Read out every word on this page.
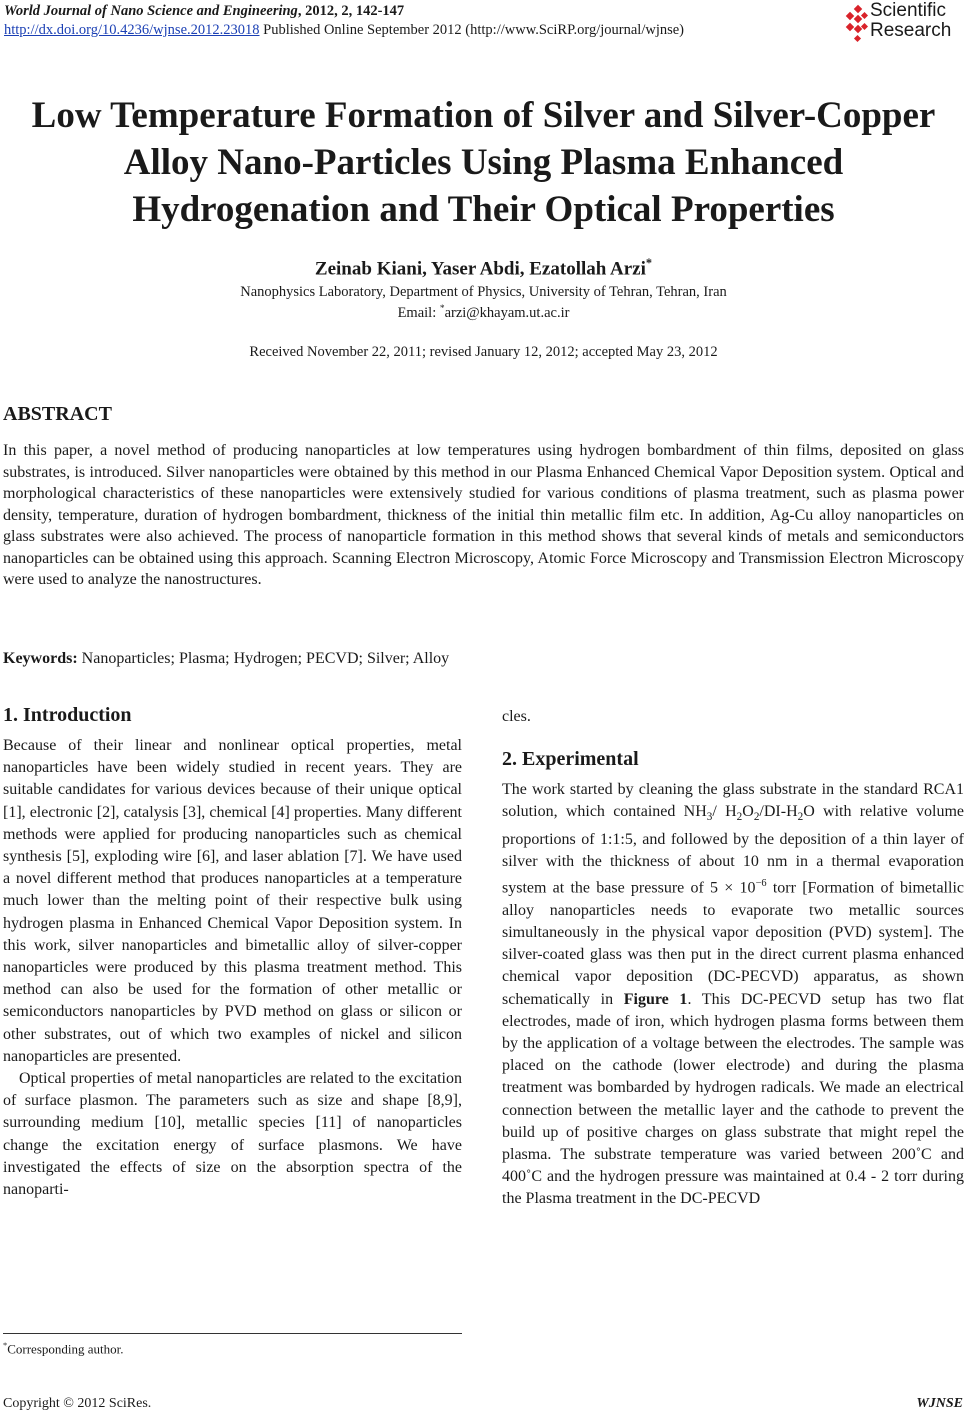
World Journal of Nano Science and Engineering, 2012, 2, 142-147
http://dx.doi.org/10.4236/wjnse.2012.23018 Published Online September 2012 (http://www.SciRP.org/journal/wjnse)
Scientific
Research
Low Temperature Formation of Silver and Silver-Copper
Alloy Nano-Particles Using Plasma Enhanced
Hydrogenation and Their Optical Properties
Zeinab Kiani, Yaser Abdi, Ezatollah Arzi*
Nanophysics Laboratory, Department of Physics, University of Tehran, Tehran, Iran
Email: *arzi@khayam.ut.ac.ir
Received November 22, 2011; revised January 12, 2012; accepted May 23, 2012
ABSTRACT
In this paper, a novel method of producing nanoparticles at low temperatures using hydrogen bombardment of thin films, deposited on glass substrates, is introduced. Silver nanoparticles were obtained by this method in our Plasma Enhanced Chemical Vapor Deposition system. Optical and morphological characteristics of these nanoparticles were extensively studied for various conditions of plasma treatment, such as plasma power density, temperature, duration of hydrogen bombardment, thickness of the initial thin metallic film etc. In addition, Ag-Cu alloy nanoparticles on glass substrates were also achieved. The process of nanoparticle formation in this method shows that several kinds of metals and semiconductors nanoparticles can be obtained using this approach. Scanning Electron Microscopy, Atomic Force Microscopy and Transmission Electron Microscopy were used to analyze the nanostructures.
Keywords: Nanoparticles; Plasma; Hydrogen; PECVD; Silver; Alloy
1. Introduction

Because of their linear and nonlinear optical properties, metal nanoparticles have been widely studied in recent years. They are suitable candidates for various devices because of their unique optical [1], electronic [2], catalysis [3], chemical [4] properties. Many different methods were applied for producing nanoparticles such as chemical synthesis [5], exploding wire [6], and laser ablation [7]. We have used a novel different method that produces nanoparticles at a temperature much lower than the melting point of their respective bulk using hydrogen plasma in Enhanced Chemical Vapor Deposition system. In this work, silver nanoparticles and bimetallic alloy of silver-copper nanoparticles were produced by this plasma treatment method. This method can also be used for the formation of other metallic or semiconductors nanoparticles by PVD method on glass or silicon or other substrates, out of which two examples of nickel and silicon nanoparticles are presented.

Optical properties of metal nanoparticles are related to the excitation of surface plasmon. The parameters such as size and shape [8,9], surrounding medium [10], metallic species [11] of nanoparticles change the excitation energy of surface plasmons. We have investigated the effects of size on the absorption spectra of the nanoparti-

cles.

2. Experimental

The work started by cleaning the glass substrate in the standard RCA1 solution, which contained $NH_3/$ $H_2O_2/DI-H_2O$ with relative volume proportions of 1:1:5, and followed by the deposition of a thin layer of silver with the thickness of about 10 nm in a thermal evaporation system at the base pressure of $5 \times 10^{-6}$ torr [Formation of bimetallic alloy nanoparticles needs to evaporate two metallic sources simultaneously in the physical vapor deposition (PVD) system]. The silver-coated glass was then put in the direct current plasma enhanced chemical vapor deposition (DC-PECVD) apparatus, as shown schematically in Figure 1. This DC-PECVD setup has two flat electrodes, made of iron, which hydrogen plasma forms between them by the application of a voltage between the electrodes. The sample was placed on the cathode (lower electrode) and during the plasma treatment was bombarded by hydrogen radicals. We made an electrical connection between the metallic layer and the cathode to prevent the build up of positive charges on glass substrate that might repel the plasma. The substrate temperature was varied between 200˚C and 400˚C and the hydrogen pressure was maintained at 0.4 - 2 torr during the Plasma treatment in the DC-PECVD

*Corresponding author.
Copyright © 2012 SciRes.	WJNSE
